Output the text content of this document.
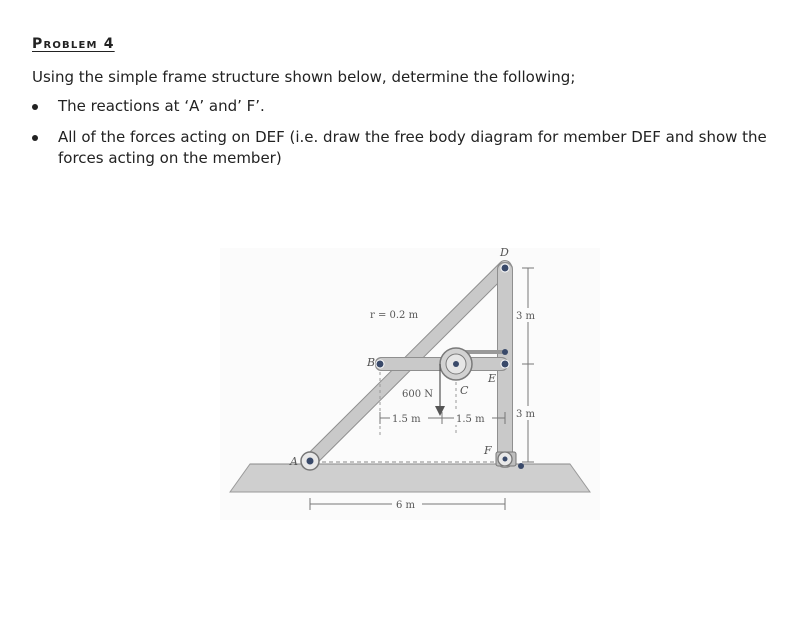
Problem 4
Using the simple frame structure shown below, determine the following;
The reactions at ‘A’ and’ F’.
All of the forces acting on DEF (i.e. draw the free body diagram for member DEF and show the forces acting on the member)
D
r = 0.2 m	3 m
B
E
600 N C
3 m
1.5 m	1.5 m
F
A
6 m
